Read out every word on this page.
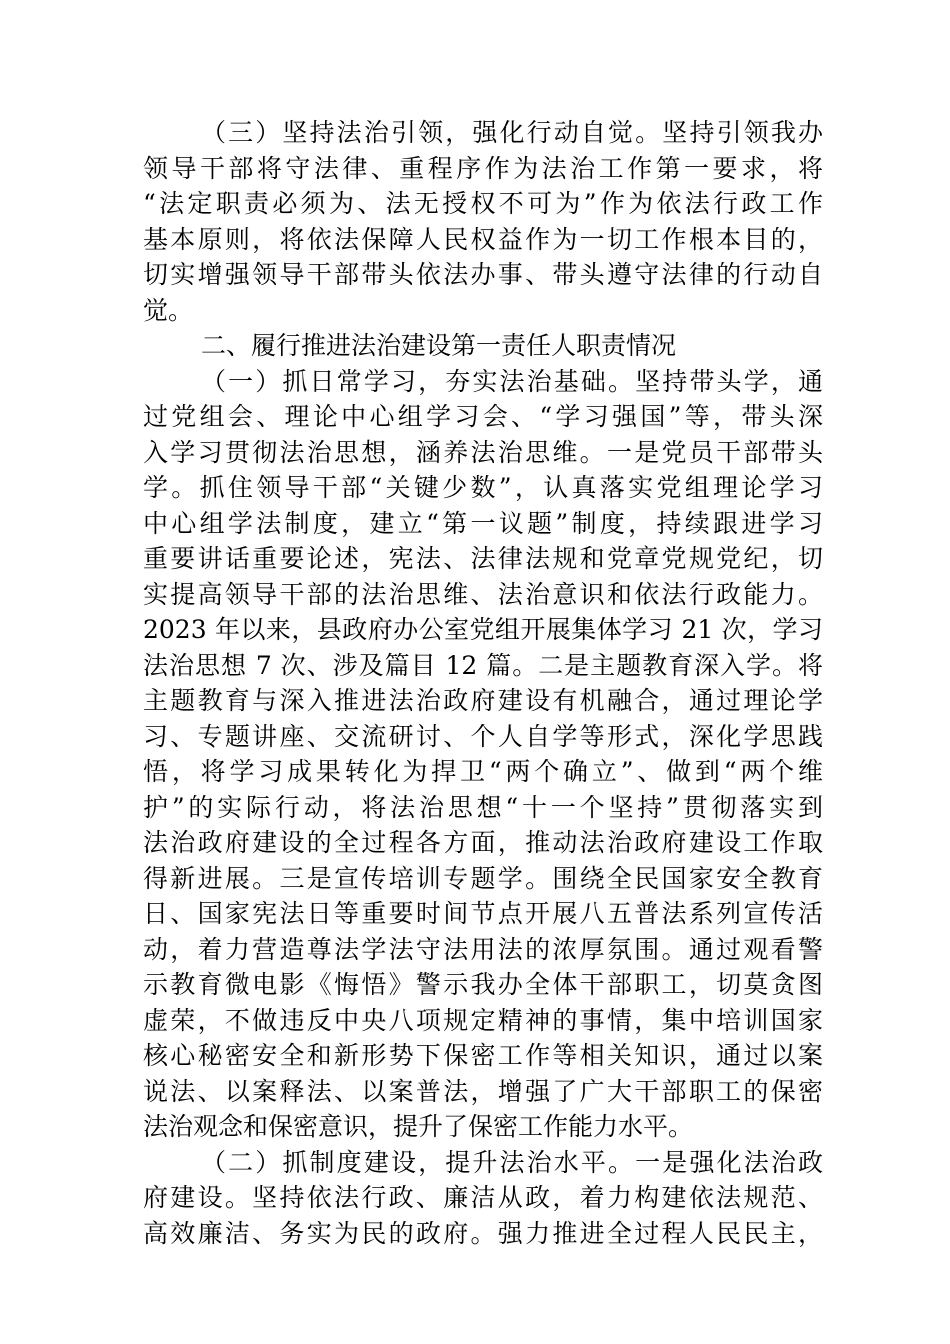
（三）坚持法治引领，强化行动自觉。坚持引领我办
领导干部将守法律、重程序作为法治工作第一要求，将
“法定职责必须为、法无授权不可为”作为依法行政工作
基本原则，将依法保障人民权益作为一切工作根本目的，
切实增强领导干部带头依法办事、带头遵守法律的行动自
觉。
二、履行推进法治建设第一责任人职责情况
（一）抓日常学习，夯实法治基础。坚持带头学，通
过党组会、理论中心组学习会、“学习强国”等，带头深
入学习贯彻法治思想，涵养法治思维。一是党员干部带头
学。抓住领导干部“关键少数”，认真落实党组理论学习
中心组学法制度，建立“第一议题”制度，持续跟进学习
重要讲话重要论述，宪法、法律法规和党章党规党纪，切
实提高领导干部的法治思维、法治意识和依法行政能力。
2023 年以来，县政府办公室党组开展集体学习 21 次，学习
法治思想 7 次、涉及篇目 12 篇。二是主题教育深入学。将
主题教育与深入推进法治政府建设有机融合，通过理论学
习、专题讲座、交流研讨、个人自学等形式，深化学思践
悟，将学习成果转化为捍卫“两个确立”、做到“两个维
护”的实际行动，将法治思想“十一个坚持”贯彻落实到
法治政府建设的全过程各方面，推动法治政府建设工作取
得新进展。三是宣传培训专题学。围绕全民国家安全教育
日、国家宪法日等重要时间节点开展八五普法系列宣传活
动，着力营造尊法学法守法用法的浓厚氛围。通过观看警
示教育微电影《悔悟》警示我办全体干部职工，切莫贪图
虚荣，不做违反中央八项规定精神的事情，集中培训国家
核心秘密安全和新形势下保密工作等相关知识，通过以案
说法、以案释法、以案普法，增强了广大干部职工的保密
法治观念和保密意识，提升了保密工作能力水平。
（二）抓制度建设，提升法治水平。一是强化法治政
府建设。坚持依法行政、廉洁从政，着力构建依法规范、
高效廉洁、务实为民的政府。强力推进全过程人民民主，
